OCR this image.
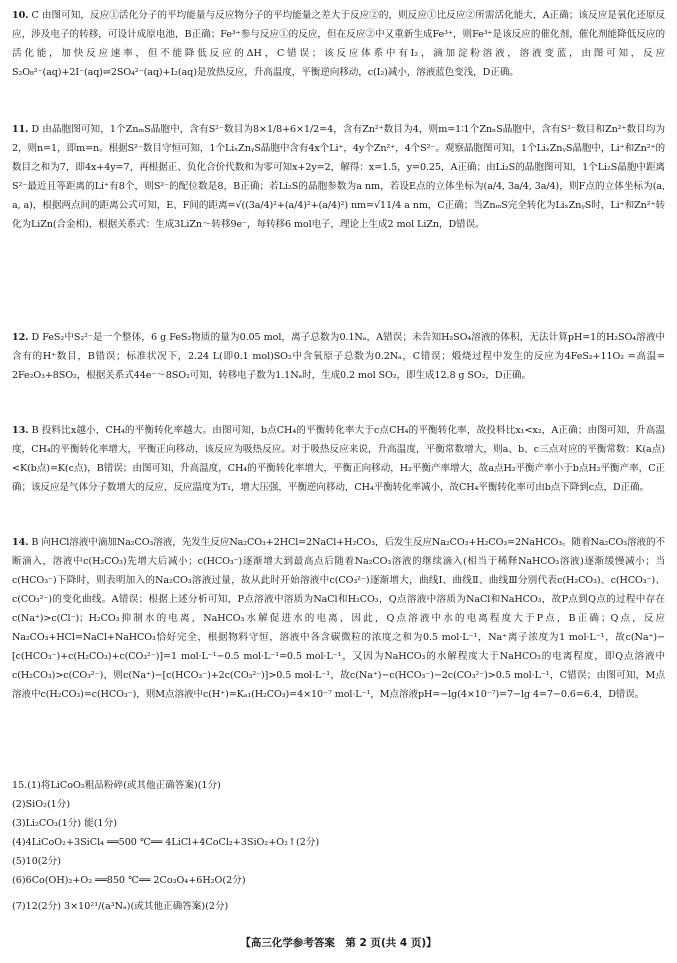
10. C 由图可知，反应①活化分子的平均能量与反应物分子的平均能量之差大于反应②的，则反应①比反应②所需活化能大，A正确；该反应是氧化还原反应，涉及电子的转移，可设计成原电池，B正确；Fe³⁺参与反应①的反应，但在反应②中又重新生成Fe³⁺，则Fe³⁺是该反应的催化剂，催化剂能降低反应的活化能，加快反应速率，但不能降低反应的ΔH，C错误；该反应体系中有I₂，滴加淀粉溶液，溶液变蓝，由图可知，反应S₂O₈²⁻(aq)+2I⁻(aq)⇌2SO₄²⁻(aq)+I₂(aq)是放热反应，升高温度，平衡逆向移动，c(I₂)减小，溶液蓝色变浅，D正确。
11. D 由晶胞图可知，1个ZnₘS晶胞中，含有S²⁻数目为8×1/8+6×1/2=4，含有Zn²⁺数目为4，则m=1∶1个ZnₙS晶胞中，含有S²⁻数目和Zn²⁺数目均为2，则n=1，即m=n。根据S²⁻数目守恒可知，1个LiₓZnᵧS晶胞中含有4x个Li⁺，4y个Zn²⁺，4个S²⁻。观察晶胞图可知，1个LiₓZnᵧS晶胞中，Li⁺和Zn²⁺的数目之和为7，即4x+4y=7，再根据正、负化合价代数和为零可知x+2y=2，解得：x=1.5，y=0.25，A正确；由Li₂S的晶胞图可知，1个Li₂S晶胞中距离S²⁻最近且等距离的Li⁺有8个，则S²⁻的配位数是8，B正确；若Li₂S的晶胞参数为a nm，若设E点的立体坐标为(a/4, 3a/4, 3a/4)，则F点的立体坐标为(a, a, a)，根据两点间的距离公式可知，E、F间的距离=√((3a/4)²+(a/4)²+(a/4)²) nm=√11/4 a nm，C正确；当ZnₘS完全转化为LiₓZnᵧS时，Li⁺和Zn²⁺转化为LiZn(合金相)，根据关系式：生成3LiZn～转移9e⁻，每转移6 mol电子，理论上生成2 mol LiZn，D错误。
12. D FeS₂中S₂²⁻是一个整体，6 g FeS₂物质的量为0.05 mol，离子总数为0.1Nₐ，A错误；未告知H₂SO₄溶液的体积，无法计算pH=1的H₂SO₄溶液中含有的H⁺数目，B错误；标准状况下，2.24 L(即0.1 mol)SO₂中含氧原子总数为0.2Nₐ，C错误；煅烧过程中发生的反应为4FeS₂+11O₂ =高温= 2Fe₂O₃+8SO₂，根据关系式44e⁻～8SO₂可知，转移电子数为1.1Nₐ时，生成0.2 mol SO₂，即生成12.8 g SO₂，D正确。
13. B 投料比x越小，CH₄的平衡转化率越大。由图可知，b点CH₄的平衡转化率大于c点CH₄的平衡转化率，故投料比x₁<x₂，A正确；由图可知，升高温度，CH₄的平衡转化率增大，平衡正向移动，该反应为吸热反应。对于吸热反应来说，升高温度，平衡常数增大，则a、b、c三点对应的平衡常数：K(a点)<K(b点)=K(c点)，B错误；由图可知，升高温度，CH₄的平衡转化率增大，平衡正向移动，H₂平衡产率增大，故a点H₂平衡产率小于b点H₂平衡产率，C正确；该反应是气体分子数增大的反应，反应温度为T₁，增大压强，平衡逆向移动，CH₄平衡转化率减小，故CH₄平衡转化率可由b点下降到c点，D正确。
14. B 向HCl溶液中滴加Na₂CO₃溶液，先发生反应Na₂CO₃+2HCl=2NaCl+H₂CO₃，后发生反应Na₂CO₃+H₂CO₃=2NaHCO₃。随着Na₂CO₃溶液的不断滴入，溶液中c(H₂CO₃)先增大后减小；c(HCO₃⁻)逐渐增大到最高点后随着Na₂CO₃溶液的继续滴入(相当于稀释NaHCO₃溶液)逐渐缓慢减小；当c(HCO₃⁻)下降时，则表明加入的Na₂CO₃溶液过量，故从此时开始溶液中c(CO₃²⁻)逐渐增大，曲线Ⅰ、曲线Ⅱ、曲线Ⅲ分别代表c(H₂CO₃)、c(HCO₃⁻)、c(CO₃²⁻)的变化曲线。A错误；根据上述分析可知，P点溶液中溶质为NaCl和H₂CO₃，Q点溶液中溶质为NaCl和NaHCO₃，故P点到Q点的过程中存在c(Na⁺)>c(Cl⁻)；H₂CO₃抑制水的电离，NaHCO₃水解促进水的电离，因此，Q点溶液中水的电离程度大于P点，B正确；Q点，反应Na₂CO₃+HCl=NaCl+NaHCO₃恰好完全，根据物料守恒，溶液中各含碳微粒的浓度之和为0.5 mol·L⁻¹，Na⁺离子浓度为1 mol·L⁻¹，故c(Na⁺)−[c(HCO₃⁻)+c(H₂CO₃)+c(CO₃²⁻)]=1 mol·L⁻¹−0.5 mol·L⁻¹=0.5 mol·L⁻¹，又因为NaHCO₃的水解程度大于NaHCO₃的电离程度，即Q点溶液中c(H₂CO₃)>c(CO₃²⁻)，则c(Na⁺)−[c(HCO₃⁻)+2c(CO₃²⁻)]>0.5 mol·L⁻¹，故c(Na⁺)−c(HCO₃⁻)−2c(CO₃²⁻)>0.5 mol·L⁻¹，C错误；由图可知，M点溶液中c(H₂CO₃)=c(HCO₃⁻)，则M点溶液中c(H⁺)=Kₐ₁(H₂CO₃)=4×10⁻⁷ mol·L⁻¹，M点溶液pH=−lg(4×10⁻⁷)=7−lg 4=7−0.6=6.4，D错误。
15.(1)将LiCoO₂粗品粉碎(或其他正确答案)(1分)
(2)SiO₂(1分)
(3)Li₂CO₃(1分) 能(1分)
(4)4LiCoO₂+3SiCl₄ ══500 ℃══ 4LiCl+4CoCl₂+3SiO₂+O₂↑(2分)
(5)10(2分)
(6)6Co(OH)₂+O₂ ══850 ℃══ 2Co₃O₄+6H₂O(2分)
(7)12(2分) 3×10²¹/(a³Nₐ)(或其他正确答案)(2分)
【高三化学参考答案　第 2 页(共 4 页)】
